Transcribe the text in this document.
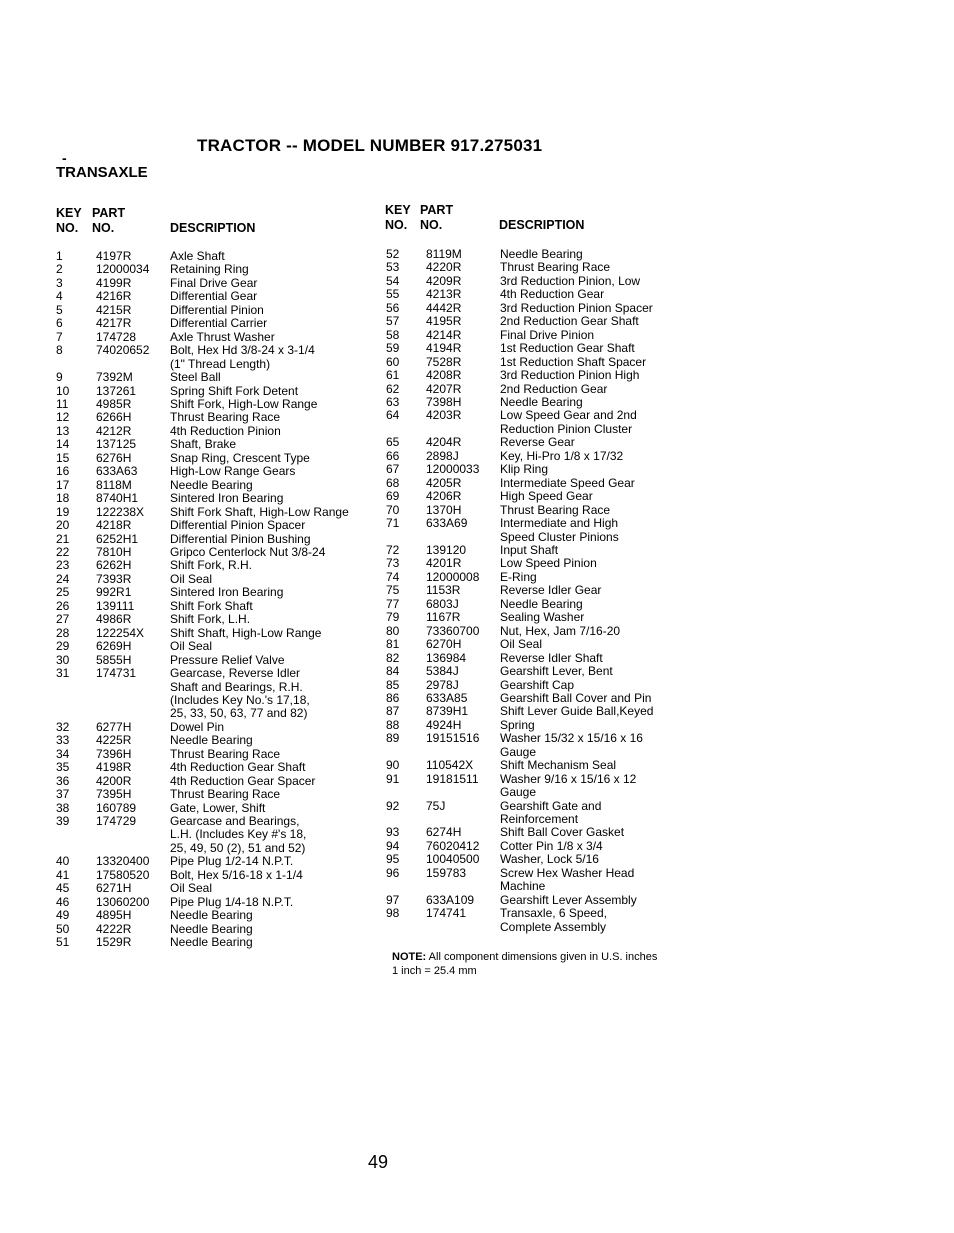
-
TRACTOR -- MODEL NUMBER 917.275031
TRANSAXLE
KEY
NO.
PART
NO.	DESCRIPTION
KEY
NO.
PART
NO.	DESCRIPTION
1	4197R	Axle Shaft
2	12000034	Retaining Ring
3	4199R	Final Drive Gear
4	4216R	Differential Gear
5	4215R	Differential Pinion
6	4217R	Differential Carrier
7	174728	Axle Thrust Washer
8	74020652	Bolt, Hex Hd 3/8-24 x 3-1/4
(1" Thread Length)
9	7392M	Steel Ball
10	137261	Spring Shift Fork Detent
11	4985R	Shift Fork, High-Low Range
12	6266H	Thrust Bearing Race
13	4212R	4th Reduction Pinion
14	137125	Shaft, Brake
15	6276H	Snap Ring, Crescent Type
16	633A63	High-Low Range Gears
17	8118M	Needle Bearing
18	8740H1	Sintered Iron Bearing
19	122238X	Shift Fork Shaft, High-Low Range
20	4218R	Differential Pinion Spacer
21	6252H1	Differential Pinion Bushing
22	7810H	Gripco Centerlock Nut 3/8-24
23	6262H	Shift Fork, R.H.
24	7393R	Oil Seal
25	992R1	Sintered Iron Bearing
26	139111	Shift Fork Shaft
27	4986R	Shift Fork, L.H.
28	122254X	Shift Shaft, High-Low Range
29	6269H	Oil Seal
30	5855H	Pressure Relief Valve
31	174731	Gearcase, Reverse Idler
Shaft and Bearings, R.H.
(Includes Key No.'s 17,18,
25, 33, 50, 63, 77 and 82)
32	6277H	Dowel Pin
33	4225R	Needle Bearing
34	7396H	Thrust Bearing Race
35	4198R	4th Reduction Gear Shaft
36	4200R	4th Reduction Gear Spacer
37	7395H	Thrust Bearing Race
38	160789	Gate, Lower, Shift
39	174729	Gearcase and Bearings,
L.H. (Includes Key #'s 18,
25, 49, 50 (2), 51 and 52)
40	13320400	Pipe Plug 1/2-14 N.P.T.
41	17580520	Bolt, Hex 5/16-18 x 1-1/4
45	6271H	Oil Seal
46	13060200	Pipe Plug 1/4-18 N.P.T.
49	4895H	Needle Bearing
50	4222R	Needle Bearing
51	1529R	Needle Bearing
52	8119M	Needle Bearing
53	4220R	Thrust Bearing Race
54	4209R	3rd Reduction Pinion, Low
55	4213R	4th Reduction Gear
56	4442R	3rd Reduction Pinion Spacer
57	4195R	2nd Reduction Gear Shaft
58	4214R	Final Drive Pinion
59	4194R	1st Reduction Gear Shaft
60	7528R	1st Reduction Shaft Spacer
61	4208R	3rd Reduction Pinion High
62	4207R	2nd Reduction Gear
63	7398H	Needle Bearing
64	4203R	Low Speed Gear and 2nd
Reduction Pinion Cluster
65	4204R	Reverse Gear
66	2898J	Key, Hi-Pro 1/8 x 17/32
67	12000033	Klip Ring
68	4205R	Intermediate Speed Gear
69	4206R	High Speed Gear
70	1370H	Thrust Bearing Race
71	633A69	Intermediate and High
Speed Cluster Pinions
72	139120	Input Shaft
73	4201R	Low Speed Pinion
74	12000008	E-Ring
75	1153R	Reverse Idler Gear
77	6803J	Needle Bearing
79	1167R	Sealing Washer
80	73360700	Nut, Hex, Jam 7/16-20
81	6270H	Oil Seal
82	136984	Reverse Idler Shaft
84	5384J	Gearshift Lever, Bent
85	2978J	Gearshift Cap
86	633A85	Gearshift Ball Cover and Pin
87	8739H1	Shift Lever Guide Ball,Keyed
88	4924H	Spring
89	19151516	Washer 15/32 x 15/16 x 16
Gauge
90	110542X	Shift Mechanism Seal
91	19181511	Washer 9/16 x 15/16 x 12
Gauge
92	75J	Gearshift Gate and
Reinforcement
93	6274H	Shift Ball Cover Gasket
94	76020412	Cotter Pin 1/8 x 3/4
95	10040500	Washer, Lock 5/16
96	159783	Screw Hex Washer Head
Machine
97	633A109	Gearshift Lever Assembly
98	174741	Transaxle, 6 Speed,
Complete Assembly
NOTE: All component dimensions given in U.S. inches
1 inch = 25.4 mm
49
